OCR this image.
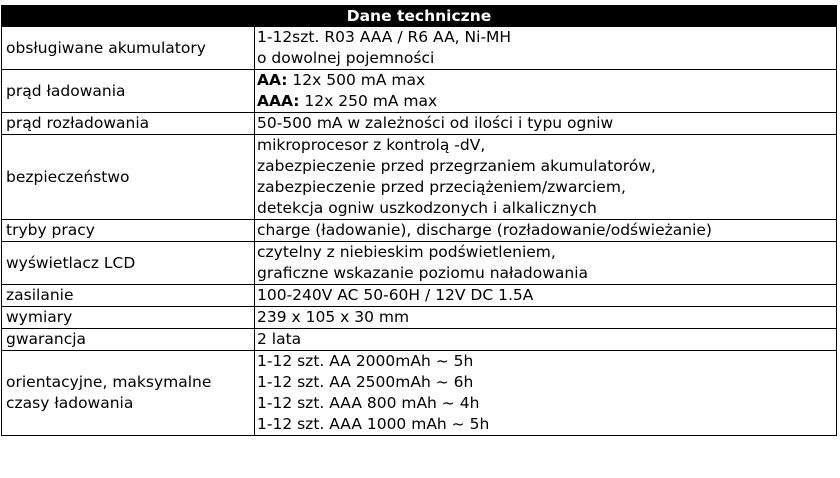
Dane techniczne	
obsługiwane akumulatory	1-12szt. R03 AAA / R6 AA, Ni-MH
o dowolnej pojemności

prąd ładowania	AA: 12x 500 mA max
AAA: 12x 250 mA max

prąd rozładowania	50-500 mA w zależności od ilości i typu ogniw

bezpieczeństwo	mikroprocesor z kontrolą -dV,
zabezpieczenie przed przegrzaniem akumulatorów,
zabezpieczenie przed przeciążeniem/zwarciem,
detekcja ogniw uszkodzonych i alkalicznych

tryby pracy	charge (ładowanie), discharge (rozładowanie/odświeżanie)

wyświetlacz LCD	czytelny z niebieskim podświetleniem,
graficzne wskazanie poziomu naładowania

zasilanie	100-240V AC 50-60H / 12V DC 1.5A

wymiary	239 x 105 x 30 mm

gwarancja	2 lata

orientacyjne, maksymalne
czasy ładowania	1-12 szt. AA 2000mAh ~ 5h
1-12 szt. AA 2500mAh ~ 6h
1-12 szt. AAA 800 mAh ~ 4h
1-12 szt. AAA 1000 mAh ~ 5h
